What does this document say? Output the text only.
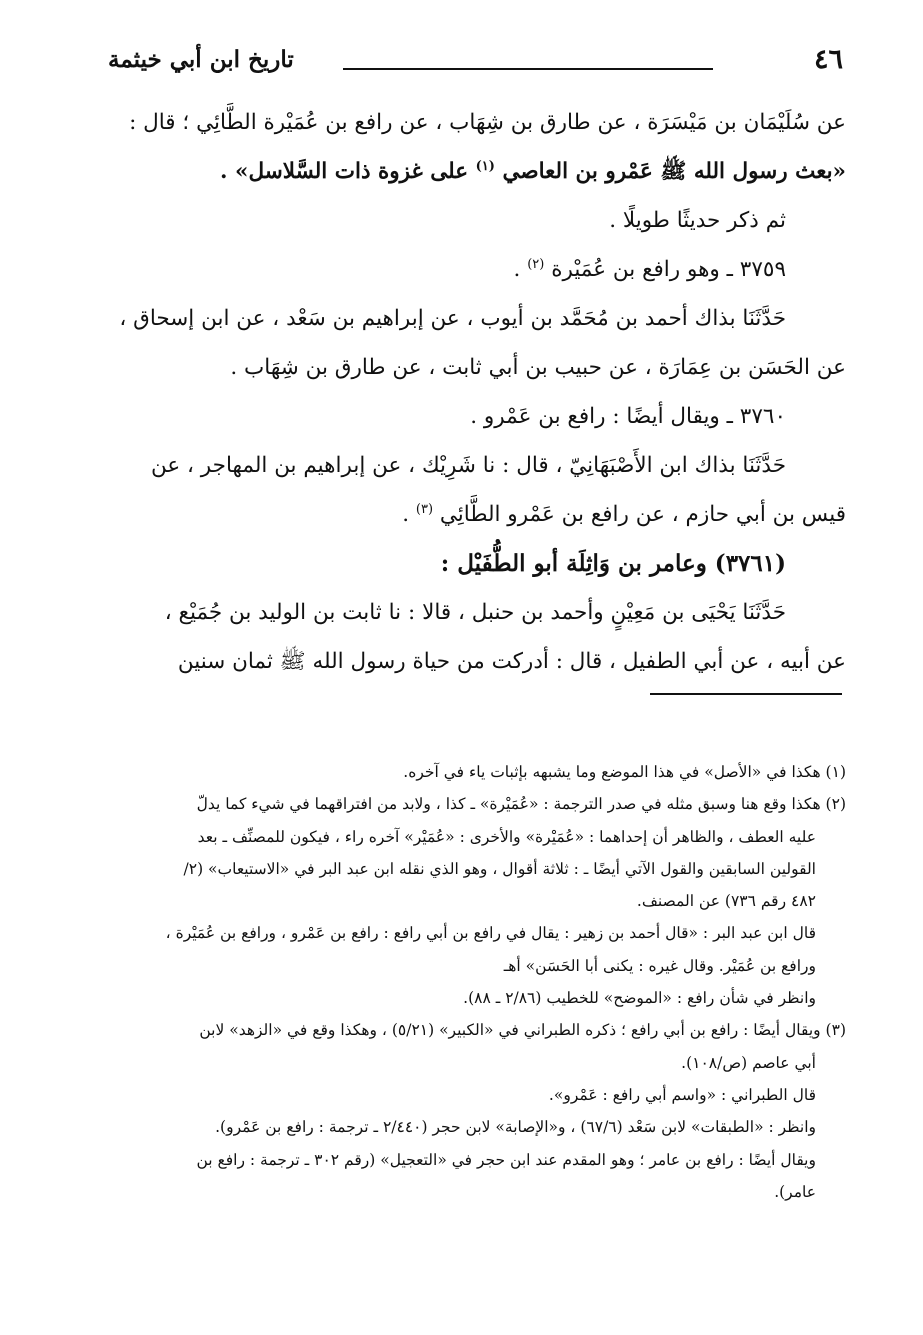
٤٦
تاريخ ابن أبي خيثمة
عن سُلَيْمَان بن مَيْسَرَة ، عن طارق بن شِهَاب ، عن رافع بن عُمَيْرة الطَّائِي ؛ قال :
«بعث رسول الله ﷺ عَمْرو بن العاصي $^{(١)}$ على غزوة ذات السَّلاسل» .
ثم ذكر حديثًا طويلًا .
٣٧٥٩ ـ وهو رافع بن عُمَيْرة $^{(٢)}$ .
حَدَّثَنَا بذاك أحمد بن مُحَمَّد بن أيوب ، عن إبراهيم بن سَعْد ، عن ابن إسحاق ،
عن الحَسَن بن عِمَارَة ، عن حبيب بن أبي ثابت ، عن طارق بن شِهَاب .
٣٧٦٠ ـ ويقال أيضًا : رافع بن عَمْرو .
حَدَّثَنَا بذاك ابن الأَصْبَهَانِيّ ، قال : نا شَرِيْك ، عن إبراهيم بن المهاجر ، عن
قيس بن أبي حازم ، عن رافع بن عَمْرو الطَّائِي $^{(٣)}$ .
(٣٧٦١) وعامر بن وَاثِلَة أبو الطُّفَيْل :
حَدَّثَنَا يَحْيَى بن مَعِيْنٍ وأحمد بن حنبل ، قالا : نا ثابت بن الوليد بن جُمَيْع ،
عن أبيه ، عن أبي الطفيل ، قال : أدركت من حياة رسول الله ﷺ ثمان سنين
(١) هكذا في «الأصل» في هذا الموضع وما يشبهه بإثبات ياء في آخره.
(٢) هكذا وقع هنا وسبق مثله في صدر الترجمة : «عُمَيْرة» ـ كذا ، ولابد من افتراقهما في شيء كما يدلّ
عليه العطف ، والظاهر أن إحداهما : «عُمَيْرة» والأخرى : «عُمَيْر» آخره راء ، فيكون للمصنِّف ـ بعد
القولين السابقين والقول الآتي أيضًا ـ : ثلاثة أقوال ، وهو الذي نقله ابن عبد البر في «الاستيعاب» (٢/
٤٨٢ رقم ٧٣٦) عن المصنف.
قال ابن عبد البر : «قال أحمد بن زهير : يقال في رافع بن أبي رافع : رافع بن عَمْرو ، ورافع بن عُمَيْرة ،
ورافع بن عُمَيْر. وقال غيره : يكنى أبا الحَسَن» أهـ
وانظر في شأن رافع : «الموضح» للخطيب (٢/٨٦ ـ ٨٨).
(٣) ويقال أيضًا : رافع بن أبي رافع ؛ ذكره الطبراني في «الكبير» (٥/٢١) ، وهكذا وقع في «الزهد» لابن
أبي عاصم (ص/١٠٨).
قال الطبراني : «واسم أبي رافع : عَمْرو».
وانظر : «الطبقات» لابن سَعْد (٦٧/٦) ، و«الإصابة» لابن حجر (٢/٤٤٠ ـ ترجمة : رافع بن عَمْرو).
ويقال أيضًا : رافع بن عامر ؛ وهو المقدم عند ابن حجر في «التعجيل» (رقم ٣٠٢ ـ ترجمة : رافع بن
عامر).
